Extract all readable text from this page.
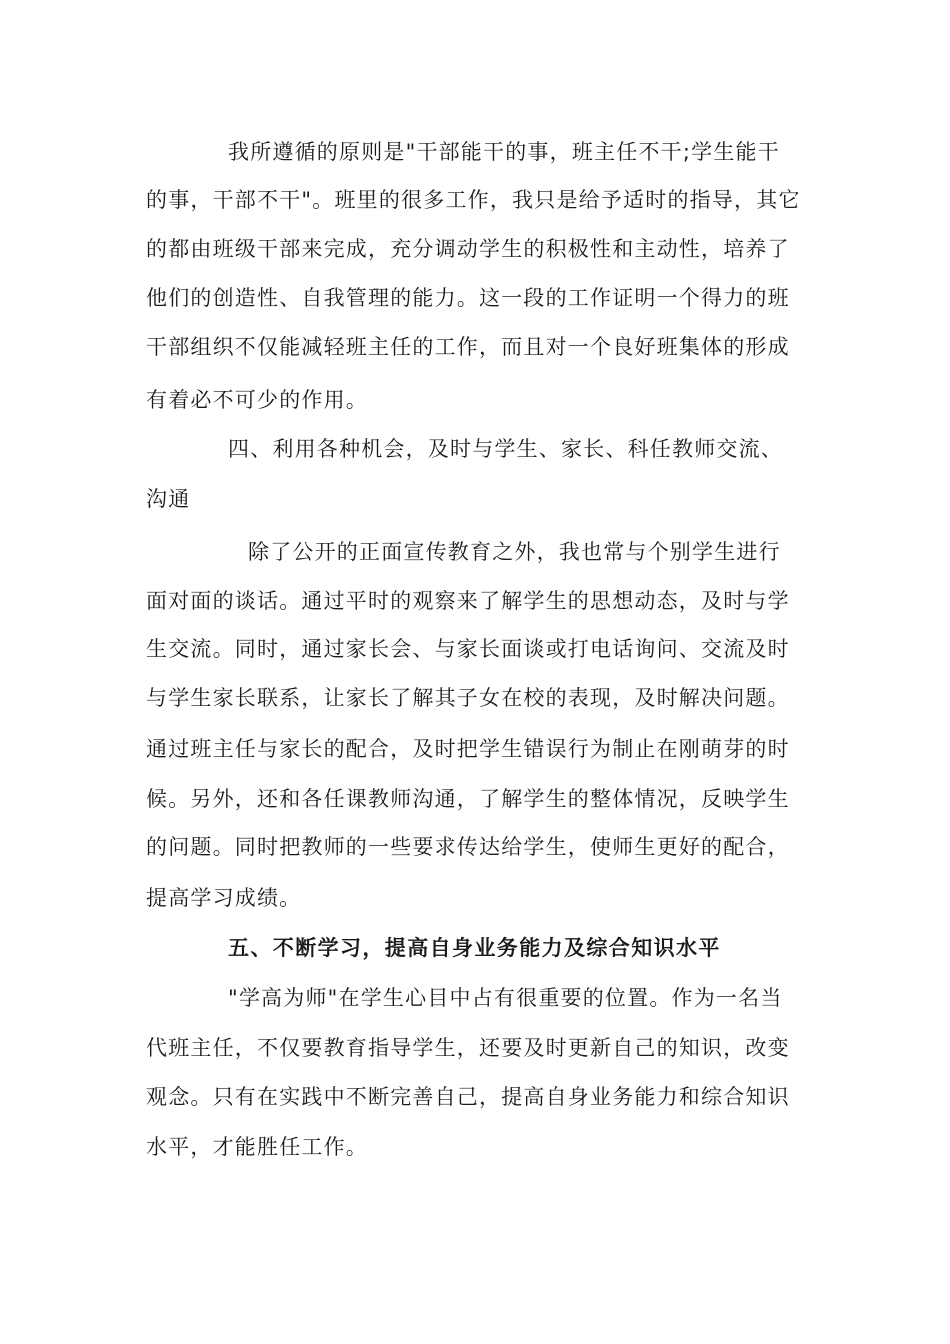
我所遵循的原则是"干部能干的事，班主任不干;学生能干
的事，干部不干"。班里的很多工作，我只是给予适时的指导，其它
的都由班级干部来完成，充分调动学生的积极性和主动性，培养了
他们的创造性、自我管理的能力。这一段的工作证明一个得力的班
干部组织不仅能减轻班主任的工作，而且对一个良好班集体的形成
有着必不可少的作用。
四、利用各种机会，及时与学生、家长、科任教师交流、
沟通
除了公开的正面宣传教育之外，我也常与个别学生进行
面对面的谈话。通过平时的观察来了解学生的思想动态，及时与学
生交流。同时，通过家长会、与家长面谈或打电话询问、交流及时
与学生家长联系，让家长了解其子女在校的表现，及时解决问题。
通过班主任与家长的配合，及时把学生错误行为制止在刚萌芽的时
候。另外，还和各任课教师沟通，了解学生的整体情况，反映学生
的问题。同时把教师的一些要求传达给学生，使师生更好的配合，
提高学习成绩。
五、不断学习，提高自身业务能力及综合知识水平
"学高为师"在学生心目中占有很重要的位置。作为一名当
代班主任，不仅要教育指导学生，还要及时更新自己的知识，改变
观念。只有在实践中不断完善自己，提高自身业务能力和综合知识
水平，才能胜任工作。
